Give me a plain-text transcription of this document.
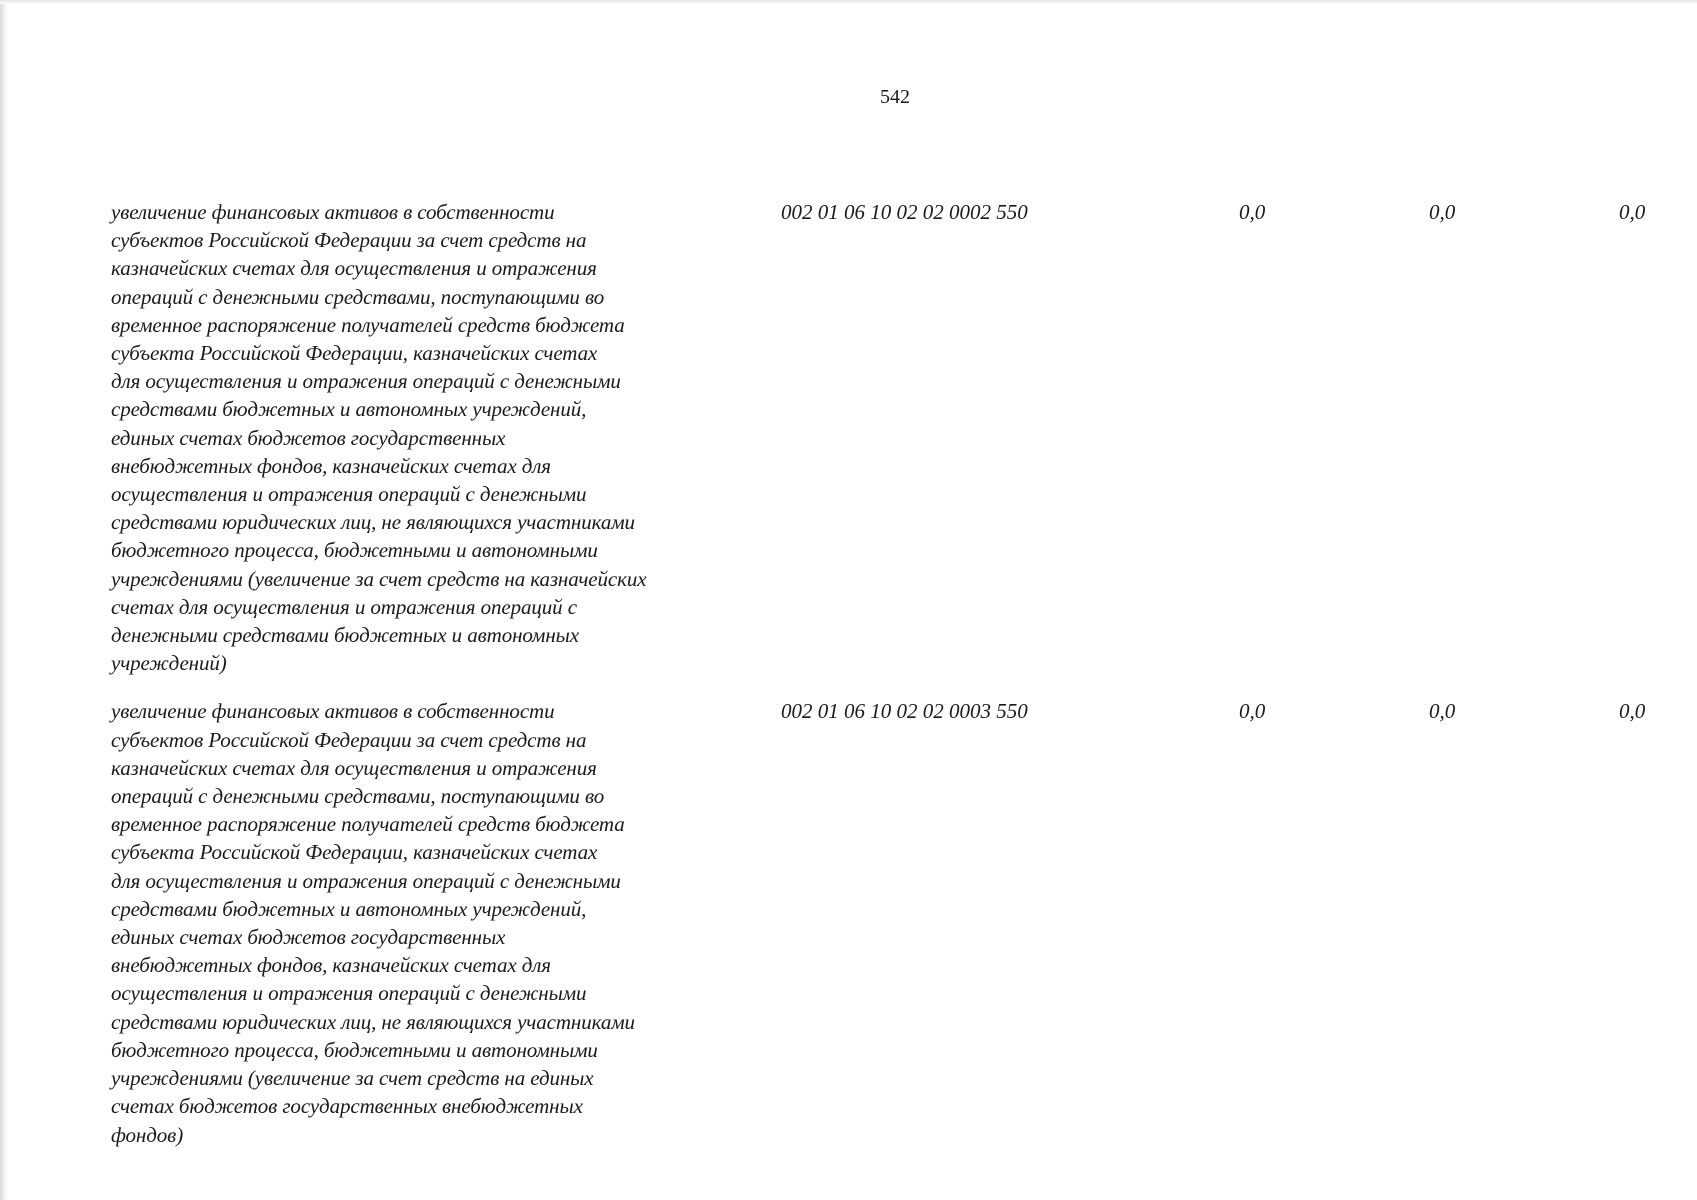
542
увеличение финансовых активов в собственности
субъектов Российской Федерации за счет средств на
казначейских счетах для осуществления и отражения
операций с денежными средствами, поступающими во
временное распоряжение получателей средств бюджета
субъекта Российской Федерации, казначейских счетах
для осуществления и отражения операций с денежными
средствами бюджетных и автономных учреждений,
единых счетах бюджетов государственных
внебюджетных фондов, казначейских счетах для
осуществления и отражения операций с денежными
средствами юридических лиц, не являющихся участниками
бюджетного процесса, бюджетными и автономными
учреждениями (увеличение за счет средств на казначейских
счетах для осуществления и отражения операций с
денежными средствами бюджетных и автономных
учреждений)
002 01 06 10 02 02 0002 550	0,0	0,0	0,0
увеличение финансовых активов в собственности
субъектов Российской Федерации за счет средств на
казначейских счетах для осуществления и отражения
операций с денежными средствами, поступающими во
временное распоряжение получателей средств бюджета
субъекта Российской Федерации, казначейских счетах
для осуществления и отражения операций с денежными
средствами бюджетных и автономных учреждений,
единых счетах бюджетов государственных
внебюджетных фондов, казначейских счетах для
осуществления и отражения операций с денежными
средствами юридических лиц, не являющихся участниками
бюджетного процесса, бюджетными и автономными
учреждениями (увеличение за счет средств на единых
счетах бюджетов государственных внебюджетных
фондов)
002 01 06 10 02 02 0003 550	0,0	0,0	0,0
